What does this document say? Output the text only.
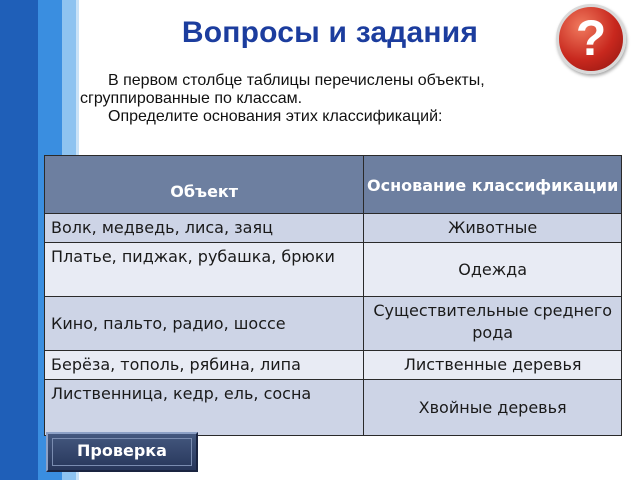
Вопросы и задания	?

В первом столбце таблицы перечислены объекты, сгруппированные по классам.

Определите основания этих классификаций:

Объект	Основание классификации
Волк, медведь, лиса, заяц	Животные
Платье, пиджак, рубашка, брюки	Одежда
Кино, пальто, радио, шоссе	Существительные среднего рода
Берёза, тополь, рябина, липа	Лиственные деревья
Лиственница, кедр, ель, сосна	Хвойные деревья
Проверка
